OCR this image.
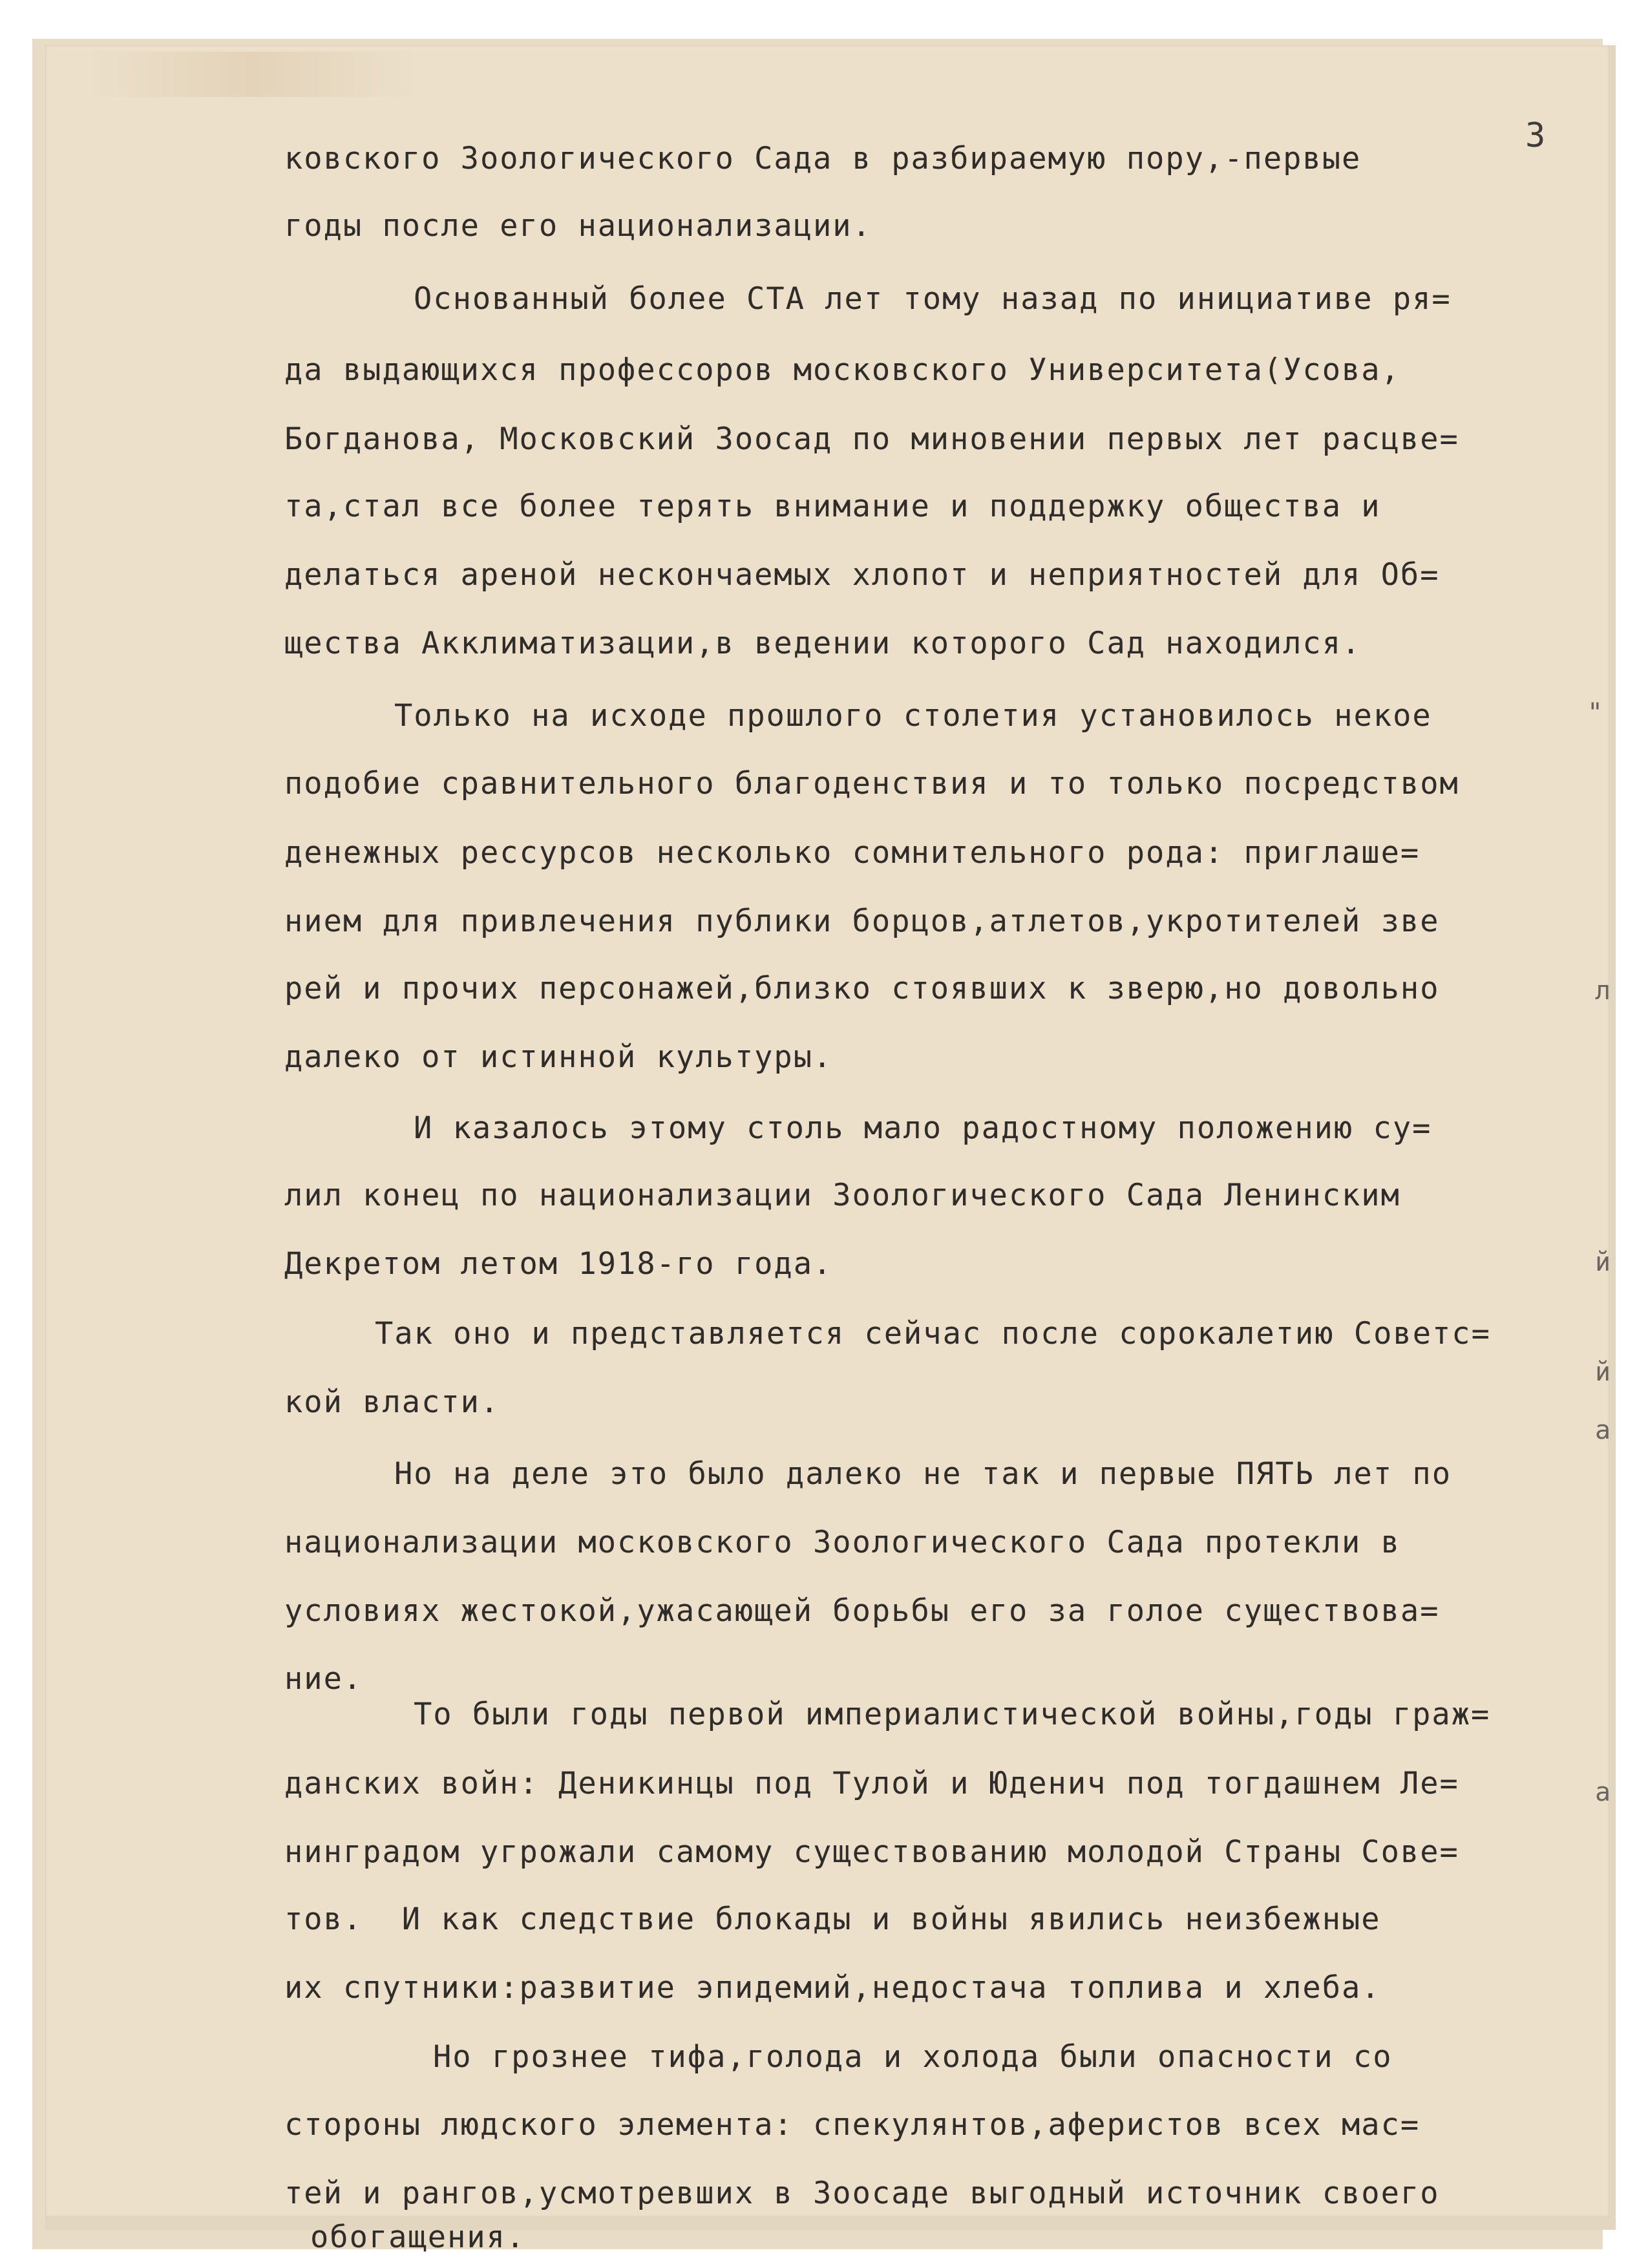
3
ковского Зоологического Сада в разбираемую пору,-первые
годы после его национализации.
Основанный более СТА лет тому назад по инициативе ря=
да выдающихся профессоров московского Университета(Усова,
Богданова, Московский Зоосад по миновении первых лет расцве=
та,стал все более терять внимание и поддержку общества и
делаться ареной нескончаемых хлопот и неприятностей для Об=
щества Акклиматизации,в ведении которого Сад находился.
Только на исходе прошлого столетия установилось некое
подобие сравнительного благоденствия и то только посредством
денежных рессурсов несколько сомнительного рода: приглаше=
нием для привлечения публики борцов,атлетов,укротителей зве
рей и прочих персонажей,близко стоявших к зверю,но довольно
далеко от истинной культуры.
И казалось этому столь мало радостному положению су=
лил конец по национализации Зоологического Сада Ленинским
Декретом летом 1918-го года.
Так оно и представляется сейчас после сорокалетию Советс=
кой власти.
Но на деле это было далеко не так и первые ПЯТЬ лет по
национализации московского Зоологического Сада протекли в
условиях жестокой,ужасающей борьбы его за голое существова=
ние.
То были годы первой империалистической войны,годы граж=
данских войн: Деникинцы под Тулой и Юденич под тогдашнем Ле=
нинградом угрожали самому существованию молодой Страны Сове=
тов.  И как следствие блокады и войны явились неизбежные
их спутники:развитие эпидемий,недостача топлива и хлеба.
Но грознее тифа,голода и холода были опасности со
стороны людского элемента: спекулянтов,аферистов всех мас=
тей и рангов,усмотревших в Зоосаде выгодный источник своего
обогащения.
"
л
й
й
а
а
